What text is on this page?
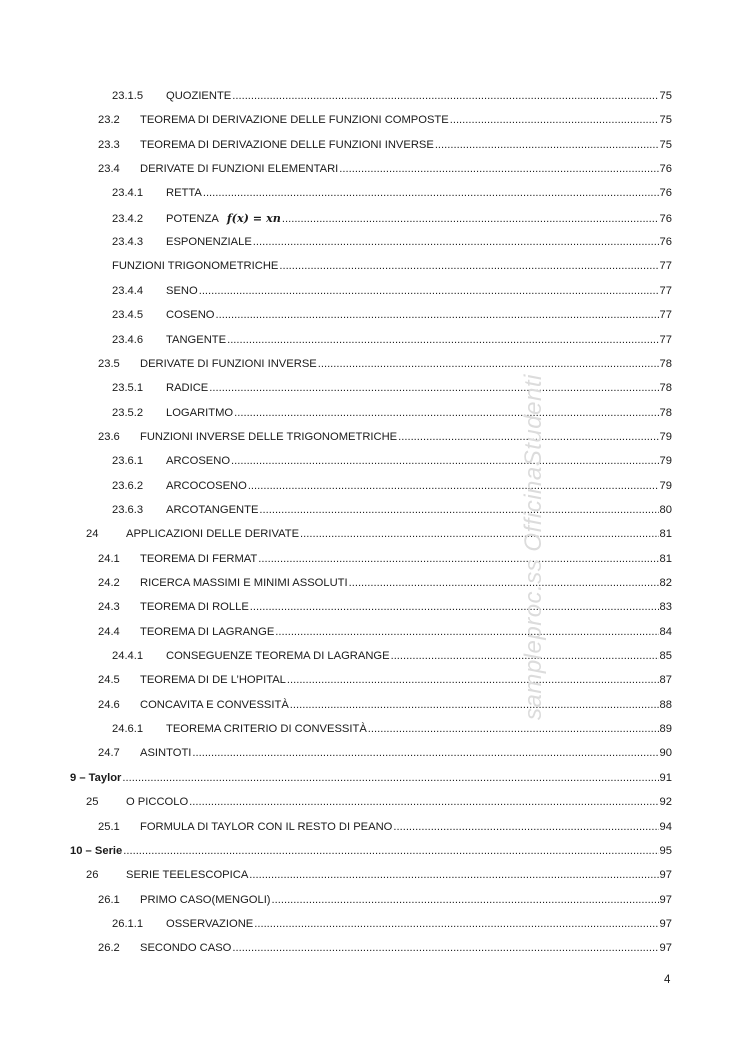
23.1.5	QUOZIENTE .....	75
23.2	TEOREMA DI DERIVAZIONE DELLE FUNZIONI COMPOSTE .....	75
23.3	TEOREMA DI DERIVAZIONE DELLE FUNZIONI INVERSE .....	75
23.4	DERIVATE DI FUNZIONI ELEMENTARI .....	76
23.4.1	RETTA .....	76
23.4.2	POTENZA f(x) = xn .....	76
23.4.3	ESPONENZIALE .....	76
FUNZIONI TRIGONOMETRICHE .....	77
23.4.4	SENO .....	77
23.4.5	COSENO .....	77
23.4.6	TANGENTE .....	77
23.5	DERIVATE DI FUNZIONI INVERSE .....	78
23.5.1	RADICE .....	78
23.5.2	LOGARITMO .....	78
23.6	FUNZIONI INVERSE DELLE TRIGONOMETRICHE .....	79
23.6.1	ARCOSENO .....	79
23.6.2	ARCOCOSENO .....	79
23.6.3	ARCOTANGENTE .....	80
24	APPLICAZIONI DELLE DERIVATE .....	81
24.1	TEOREMA DI FERMAT .....	81
24.2	RICERCA MASSIMI E MINIMI ASSOLUTI .....	82
24.3	TEOREMA DI ROLLE .....	83
24.4	TEOREMA DI LAGRANGE .....	84
24.4.1	CONSEGUENZE TEOREMA DI LAGRANGE .....	85
24.5	TEOREMA DI DE L’HOPITAL .....	87
24.6	CONCAVITA E CONVESSITÀ .....	88
24.6.1	TEOREMA CRITERIO DI CONVESSITÀ .....	89
24.7	ASINTOTI .....	90
9 – Taylor .....	91
25	O PICCOLO .....	92
25.1	FORMULA DI TAYLOR CON IL RESTO DI PEANO .....	94
10 – Serie .....	95
26	SERIE TEELESCOPICA .....	97
26.1	PRIMO CASO(MENGOLI) .....	97
26.1.1	OSSERVAZIONE .....	97
26.2	SECONDO CASO .....	97
4
sampleproc.ss OfficinaStudenti
